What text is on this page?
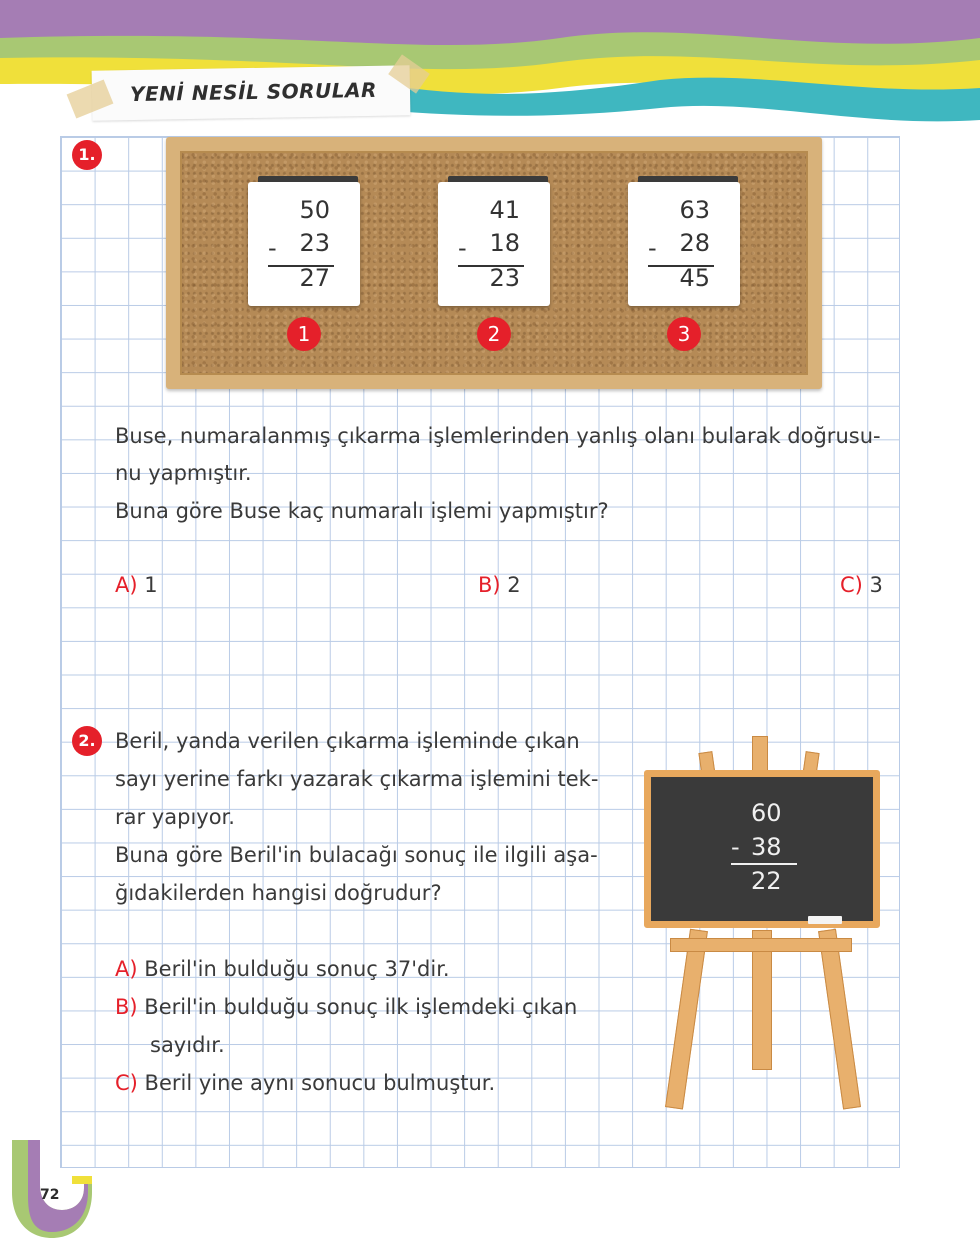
YENİ NESİL SORULAR
1.
50
- 23
27
1
41
- 18
23
2
63
- 28
45
3
Buse, numaralanmış çıkarma işlemlerinden yanlış olanı bularak doğrusu-
nu yapmıştır.
Buna göre Buse kaç numaralı işlemi yapmıştır?
A) 1	B) 2	C) 3
2. Beril, yanda verilen çıkarma işleminde çıkan
sayı yerine farkı yazarak çıkarma işlemini tek-
rar yapıyor.
Buna göre Beril'in bulacağı sonuç ile ilgili aşa-
ğıdakilerden hangisi doğrudur?
A) Beril'in bulduğu sonuç 37'dir.
B) Beril'in bulduğu sonuç ilk işlemdeki çıkan
sayıdır.
C) Beril yine aynı sonucu bulmuştur.
60
- 38
22
72
